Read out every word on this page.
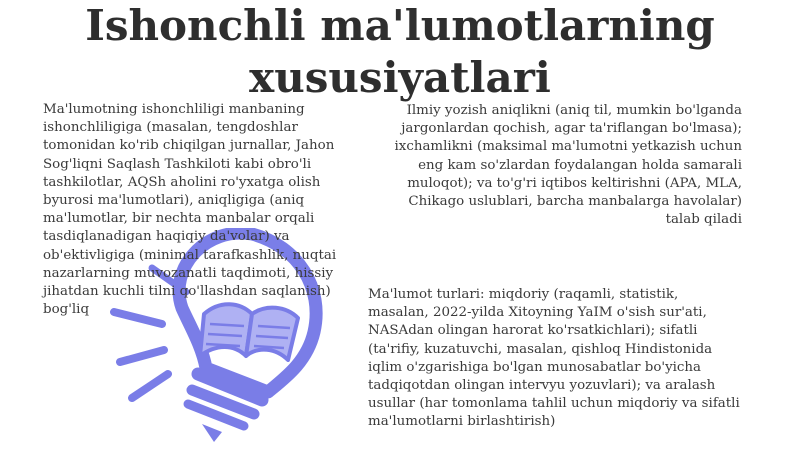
Ishonchli ma'lumotlarning
xususiyatlari
Ma'lumotning ishonchliligi manbaning ishonchliligiga (masalan, tengdoshlar tomonidan ko'rib chiqilgan jurnallar, Jahon Sog'liqni Saqlash Tashkiloti kabi obro'li tashkilotlar, AQSh aholini ro'yxatga olish byurosi ma'lumotlari), aniqligiga (aniq ma'lumotlar, bir nechta manbalar orqali tasdiqlanadigan haqiqiy da'volar) va ob'ektivligiga (minimal tarafkashlik, nuqtai nazarlarning muvozanatli taqdimoti, hissiy jihatdan kuchli tilni qo'llashdan saqlanish) bog'liq
Ilmiy yozish aniqlikni (aniq til, mumkin bo'lganda jargonlardan qochish, agar ta'riflangan bo'lmasa); ixchamlikni (maksimal ma'lumotni yetkazish uchun eng kam so'zlardan foydalangan holda samarali muloqot); va to'g'ri iqtibos keltirishni (APA, MLA, Chikago uslublari, barcha manbalarga havolalar) talab qiladi
Ma'lumot turlari: miqdoriy (raqamli, statistik, masalan, 2022-yilda Xitoyning YaIM o'sish sur'ati, NASAdan olingan harorat ko'rsatkichlari); sifatli (ta'rifiy, kuzatuvchi, masalan, qishloq Hindistonida iqlim o'zgarishiga bo'lgan munosabatlar bo'yicha tadqiqotdan olingan intervyu yozuvlari); va aralash usullar (har tomonlama tahlil uchun miqdoriy va sifatli ma'lumotlarni birlashtirish)
